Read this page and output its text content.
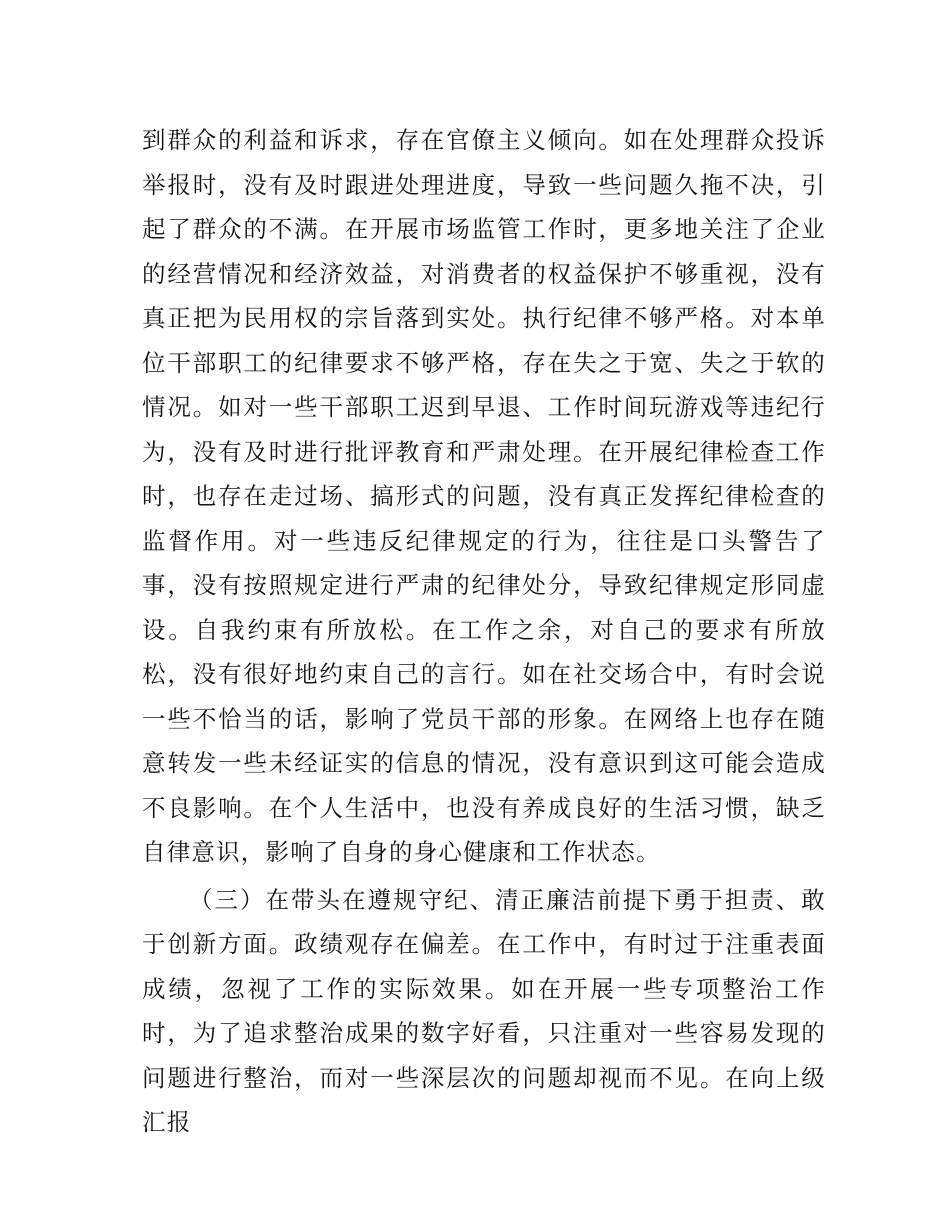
到群众的利益和诉求，存在官僚主义倾向。如在处理群众投诉举报时，没有及时跟进处理进度，导致一些问题久拖不决，引起了群众的不满。在开展市场监管工作时，更多地关注了企业的经营情况和经济效益，对消费者的权益保护不够重视，没有真正把为民用权的宗旨落到实处。执行纪律不够严格。对本单位干部职工的纪律要求不够严格，存在失之于宽、失之于软的情况。如对一些干部职工迟到早退、工作时间玩游戏等违纪行为，没有及时进行批评教育和严肃处理。在开展纪律检查工作时，也存在走过场、搞形式的问题，没有真正发挥纪律检查的监督作用。对一些违反纪律规定的行为，往往是口头警告了事，没有按照规定进行严肃的纪律处分，导致纪律规定形同虚设。自我约束有所放松。在工作之余，对自己的要求有所放松，没有很好地约束自己的言行。如在社交场合中，有时会说一些不恰当的话，影响了党员干部的形象。在网络上也存在随意转发一些未经证实的信息的情况，没有意识到这可能会造成不良影响。在个人生活中，也没有养成良好的生活习惯，缺乏自律意识，影响了自身的身心健康和工作状态。

（三）在带头在遵规守纪、清正廉洁前提下勇于担责、敢于创新方面。政绩观存在偏差。在工作中，有时过于注重表面成绩，忽视了工作的实际效果。如在开展一些专项整治工作时，为了追求整治成果的数字好看，只注重对一些容易发现的问题进行整治，而对一些深层次的问题却视而不见。在向上级汇报
